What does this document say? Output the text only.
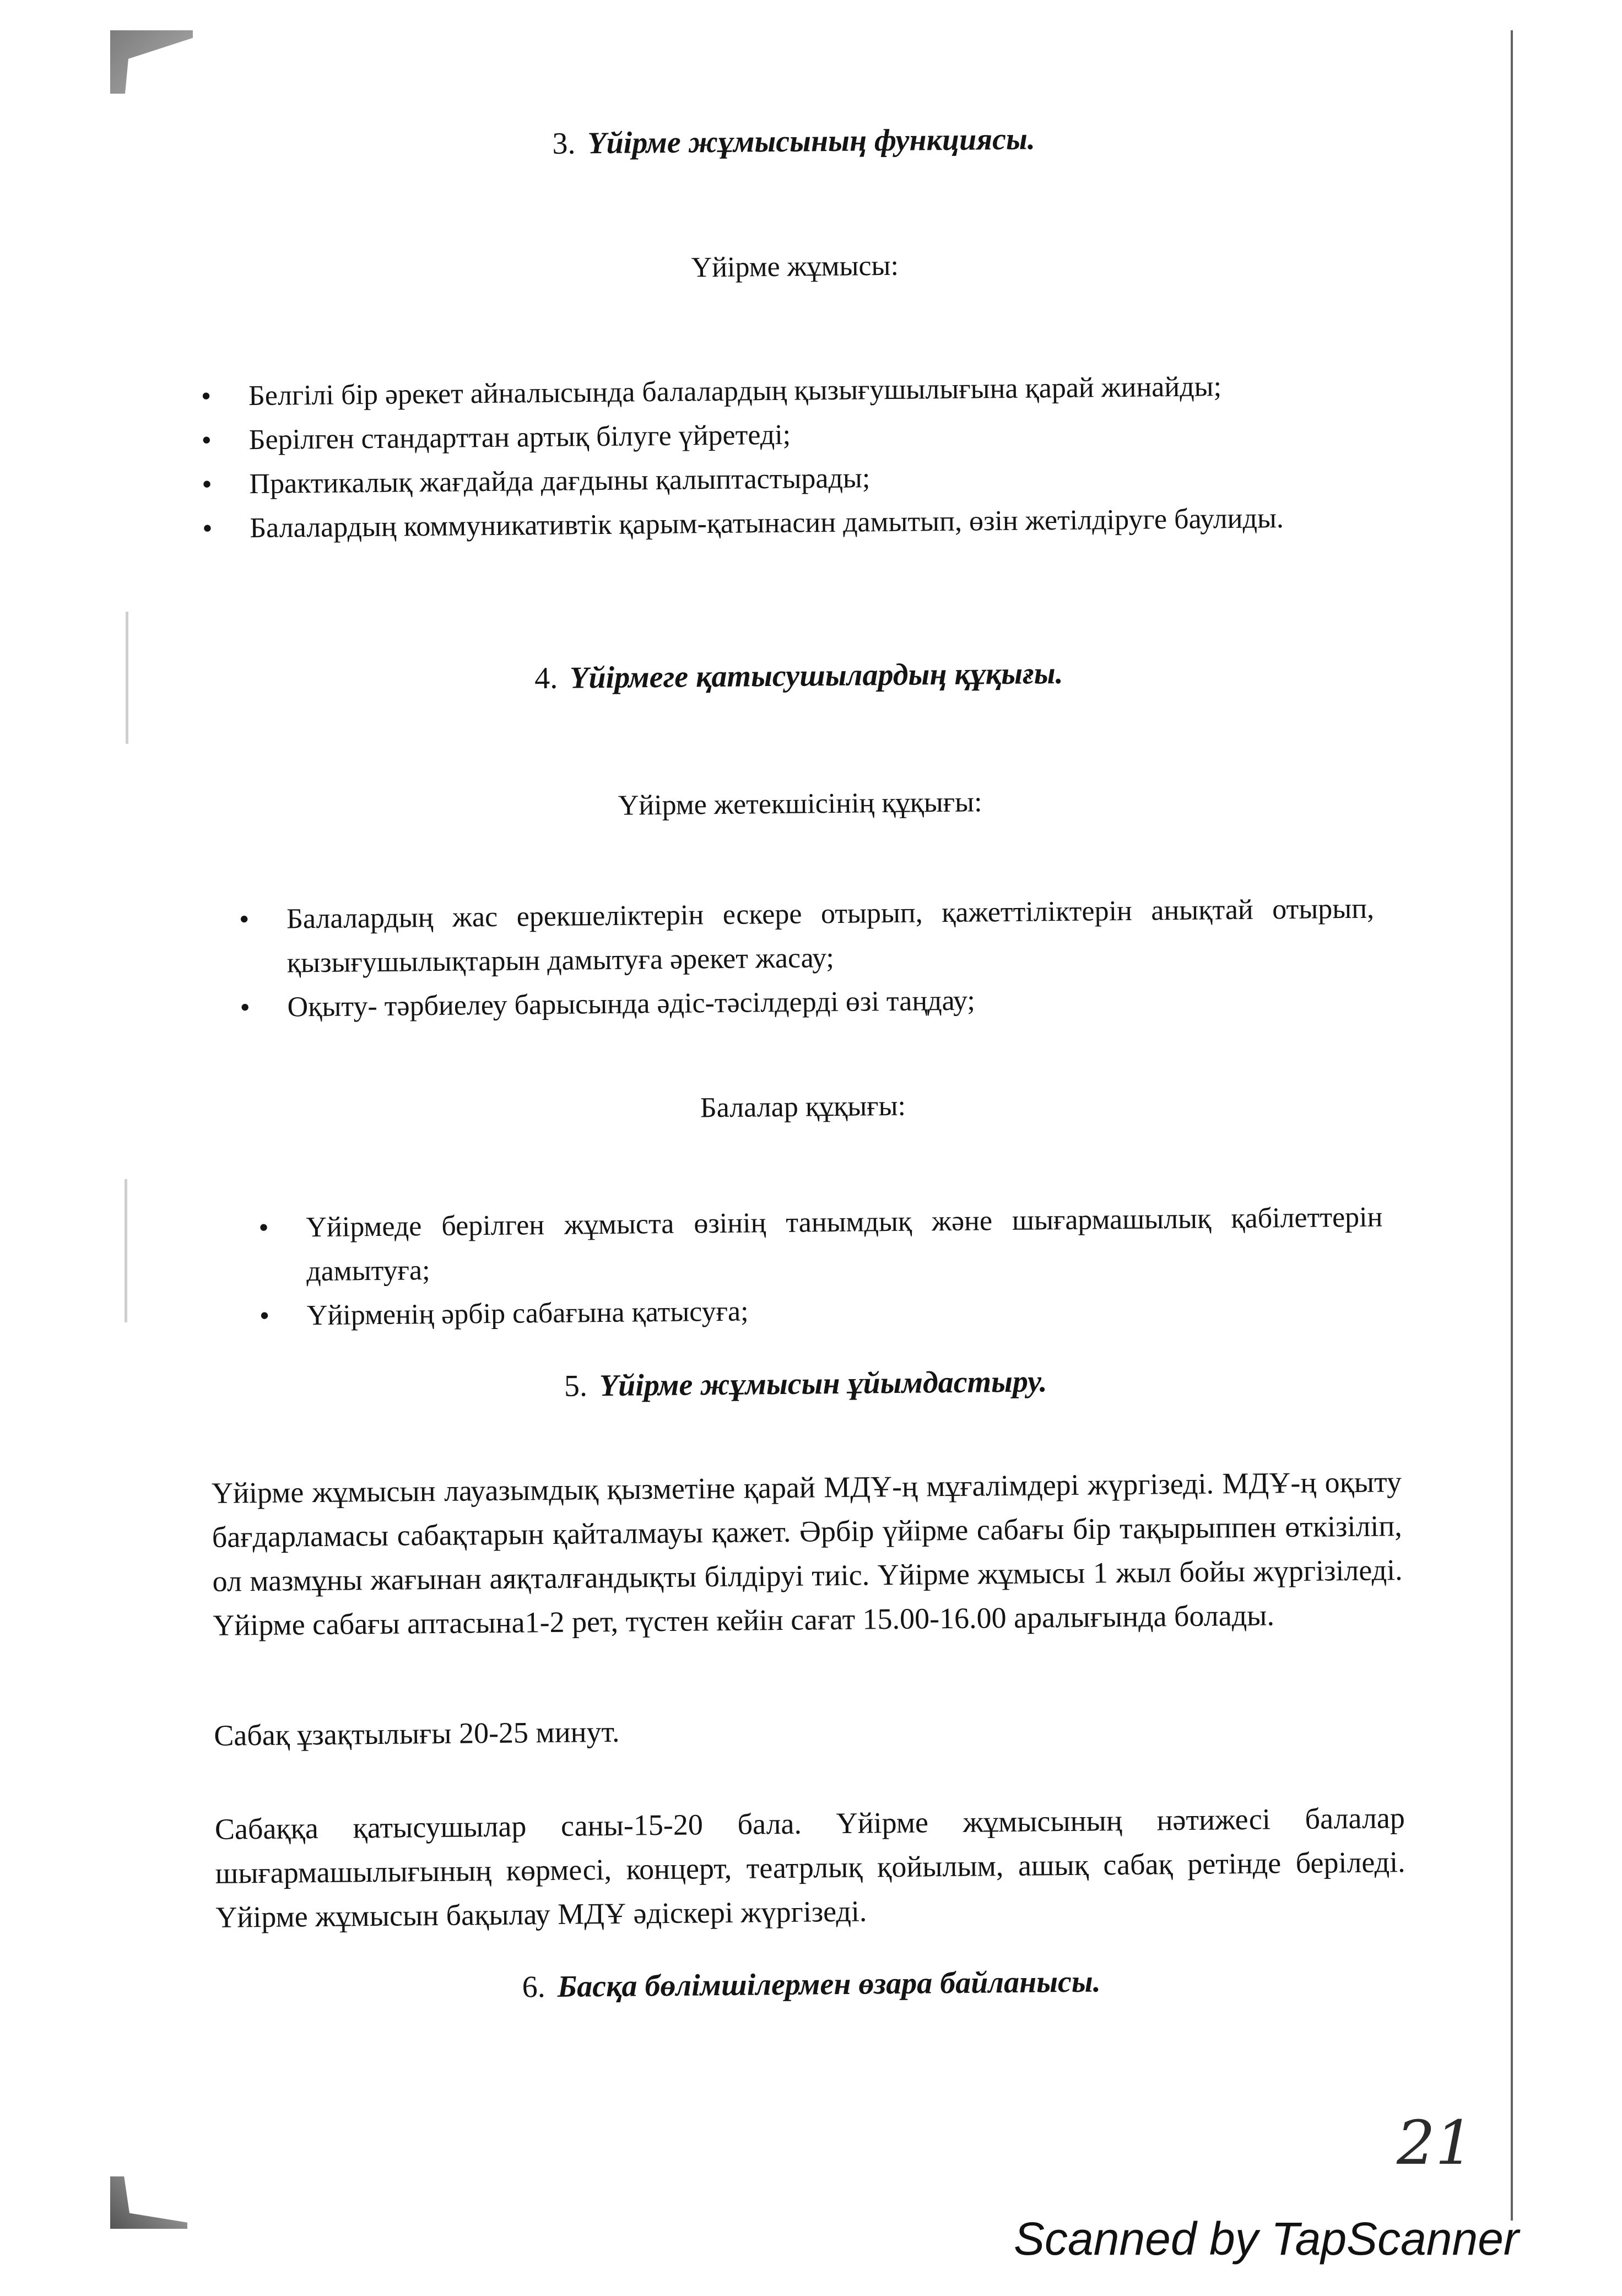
3. Үйірме жұмысының функциясы.
Үйірме жұмысы:
• Белгілі бір әрекет айналысында балалардың қызығушылығына қарай жинайды;
• Берілген стандарттан артық білуге үйретеді;
• Практикалық жағдайда дағдыны қалыптастырады;
• Балалардың коммуникативтік қарым-қатынасин дамытып, өзін жетілдіруге баулиды.
4. Үйірмеге қатысушылардың құқығы.
Үйірме жетекшісінің құқығы:
• Балалардың жас ерекшеліктерін ескере отырып, қажеттіліктерін анықтай отырып, қызығушылықтарын дамытуға әрекет жасау;
• Оқыту- тәрбиелеу барысында әдіс-тәсілдерді өзі таңдау;
Балалар құқығы:
• Үйірмеде берілген жұмыста өзінің танымдық және шығармашылық қабілеттерін дамытуға;
• Үйірменің әрбір сабағына қатысуға;
5. Үйірме жұмысын ұйымдастыру.

Үйірме жұмысын лауазымдық қызметіне қарай МДҰ-ң мұғалімдері жүргізеді. МДҰ-ң оқыту бағдарламасы сабақтарын қайталмауы қажет. Әрбір үйірме сабағы бір тақырыппен өткізіліп, ол мазмұны жағынан аяқталғандықты білдіруі тиіс. Үйірме жұмысы 1 жыл бойы жүргізіледі. Үйірме сабағы аптасына1-2 рет, түстен кейін сағат 15.00-16.00 аралығында болады.

Сабақ ұзақтылығы 20-25 минут.

Сабаққа қатысушылар саны-15-20 бала. Үйірме жұмысының нәтижесі балалар шығармашылығының көрмесі, концерт, театрлық қойылым, ашық сабақ ретінде беріледі. Үйірме жұмысын бақылау МДҰ әдіскері жүргізеді.

6. Басқа бөлімшілермен өзара байланысы.
21
Scanned by TapScanner
